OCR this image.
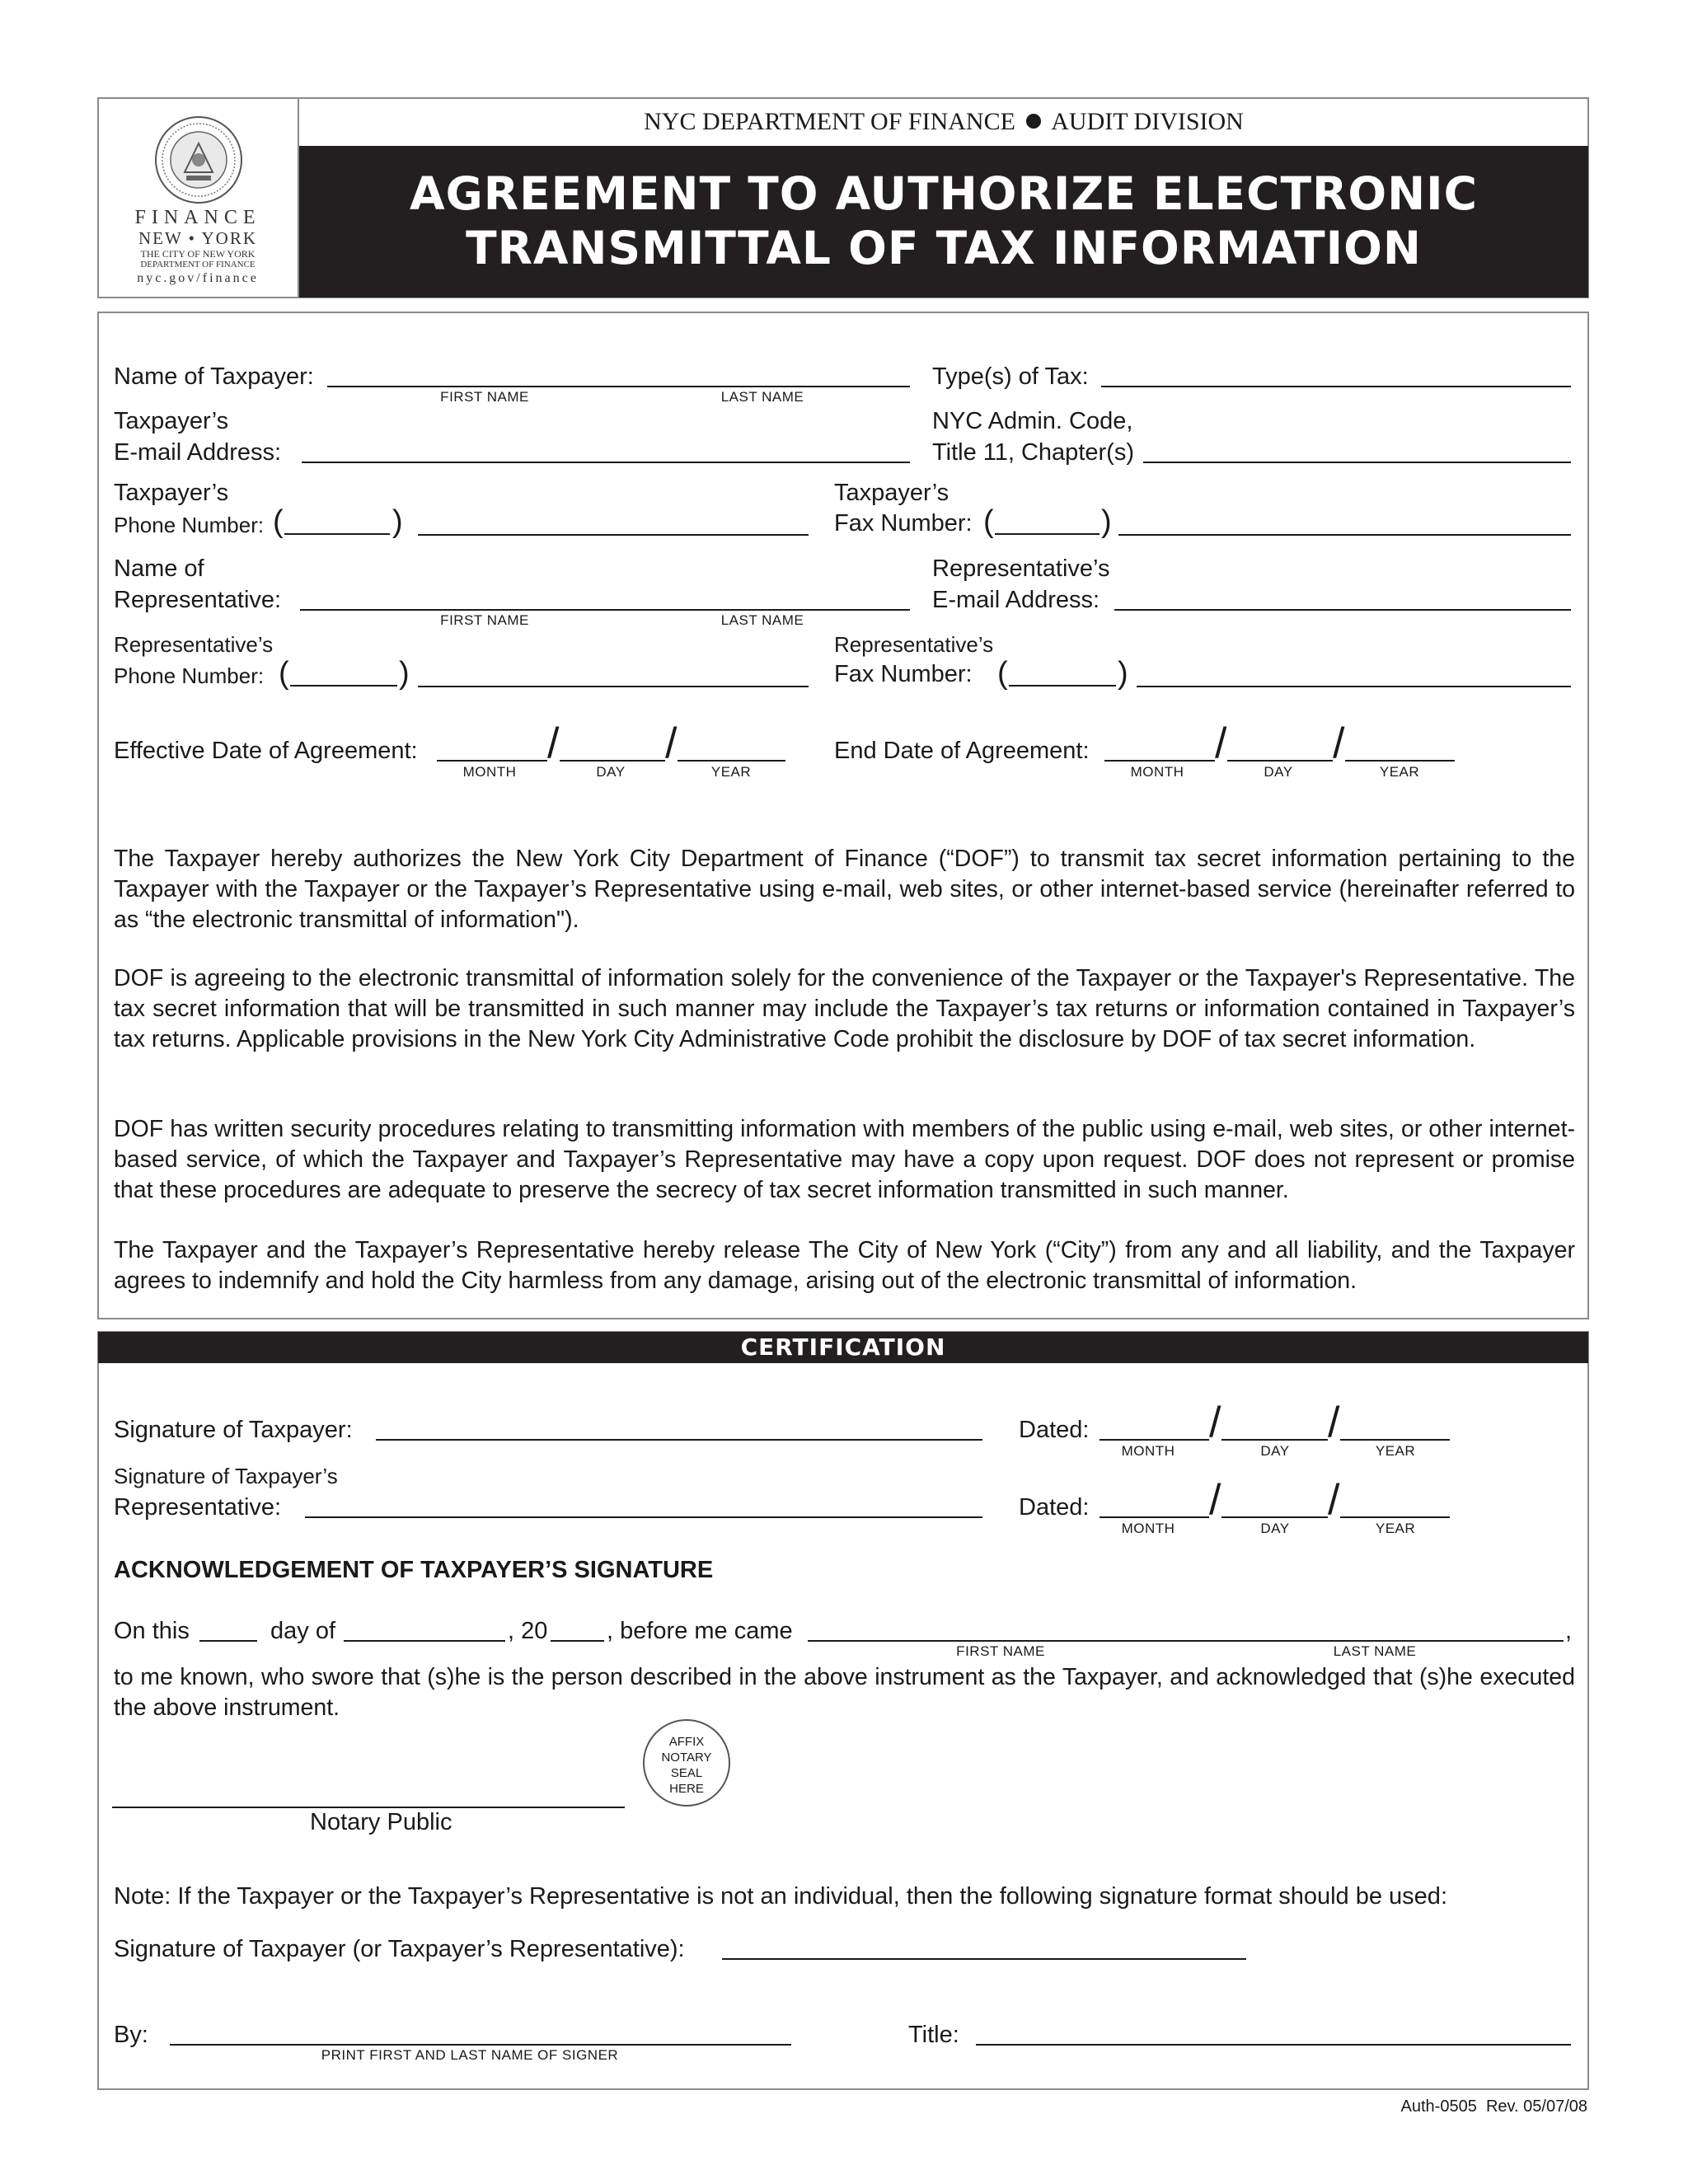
FINANCE
NEW • YORK
THE CITY OF NEW YORK
DEPARTMENT OF FINANCE
nyc.gov/finance
NYC DEPARTMENT OF FINANCE AUDIT DIVISION
AGREEMENT TO AUTHORIZE ELECTRONIC
TRANSMITTAL OF TAX INFORMATION
Name of Taxpayer:
FIRST NAME	LAST NAME
Type(s) of Tax:
Taxpayer’s
E-mail Address:
NYC Admin. Code,
Title 11, Chapter(s)
Taxpayer’s
Phone Number: (	)
Taxpayer’s
Fax Number: (	)
Name of
Representative:
FIRST NAME	LAST NAME
Representative’s
E-mail Address:
Representative’s
Phone Number: (	)
Representative’s
Fax Number: (	)
Effective Date of Agreement:	/ /
MONTH	DAY	YEAR
End Date of Agreement:	/ /
MONTH	DAY	YEAR
The Taxpayer hereby authorizes the New York City Department of Finance (“DOF”) to transmit tax secret information pertaining to the Taxpayer with the Taxpayer or the Taxpayer’s Representative using e-mail, web sites, or other internet-based service (hereinafter referred to as “the electronic transmittal of information").
DOF is agreeing to the electronic transmittal of information solely for the convenience of the Taxpayer or the Taxpayer's Representative. The tax secret information that will be transmitted in such manner may include the Taxpayer’s tax returns or information contained in Taxpayer’s tax returns. Applicable provisions in the New York City Administrative Code prohibit the disclosure by DOF of tax secret information.
DOF has written security procedures relating to transmitting information with members of the public using e-mail, web sites, or other internet-based service, of which the Taxpayer and Taxpayer’s Representative may have a copy upon request. DOF does not represent or promise that these procedures are adequate to preserve the secrecy of tax secret information transmitted in such manner.
The Taxpayer and the Taxpayer’s Representative hereby release The City of New York (“City”) from any and all liability, and the Taxpayer agrees to indemnify and hold the City harmless from any damage, arising out of the electronic transmittal of information.
CERTIFICATION
Signature of Taxpayer:	Dated:	/ /
MONTH	DAY	YEAR
Signature of Taxpayer’s
Representative:	Dated:	/ /
MONTH	DAY	YEAR
ACKNOWLEDGEMENT OF TAXPAYER’S SIGNATURE
On this	day of	, 20 , before me came	,
FIRST NAME	LAST NAME
to me known, who swore that (s)he is the person described in the above instrument as the Taxpayer, and acknowledged that (s)he executed the above instrument.
AFFIX
NOTARY
SEAL
HERE
Notary Public
Note: If the Taxpayer or the Taxpayer’s Representative is not an individual, then the following signature format should be used:
Signature of Taxpayer (or Taxpayer’s Representative):
By:
PRINT FIRST AND LAST NAME OF SIGNER
Title:
Auth-0505 Rev. 05/07/08
